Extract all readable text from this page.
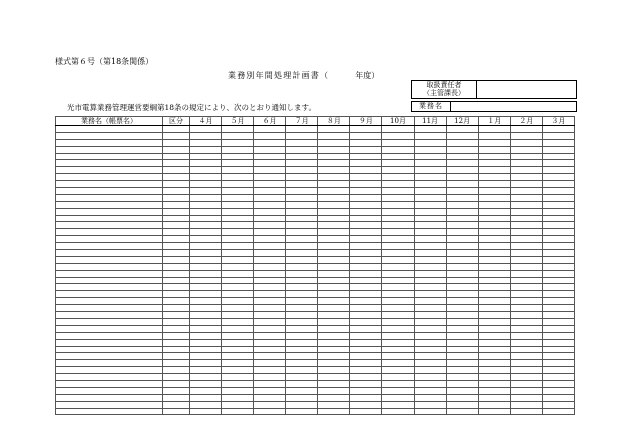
様式第６号（第18条関係）
業務別年間処理計画書（	年度）
取扱責任者
（主管課長）
光市電算業務管理運営要綱第18条の規定により、次のとおり通知します。	業務名
業務名（帳票名）	区分	４月	５月	６月	７月	８月	９月	10月	11月	12月	１月	２月	３月
